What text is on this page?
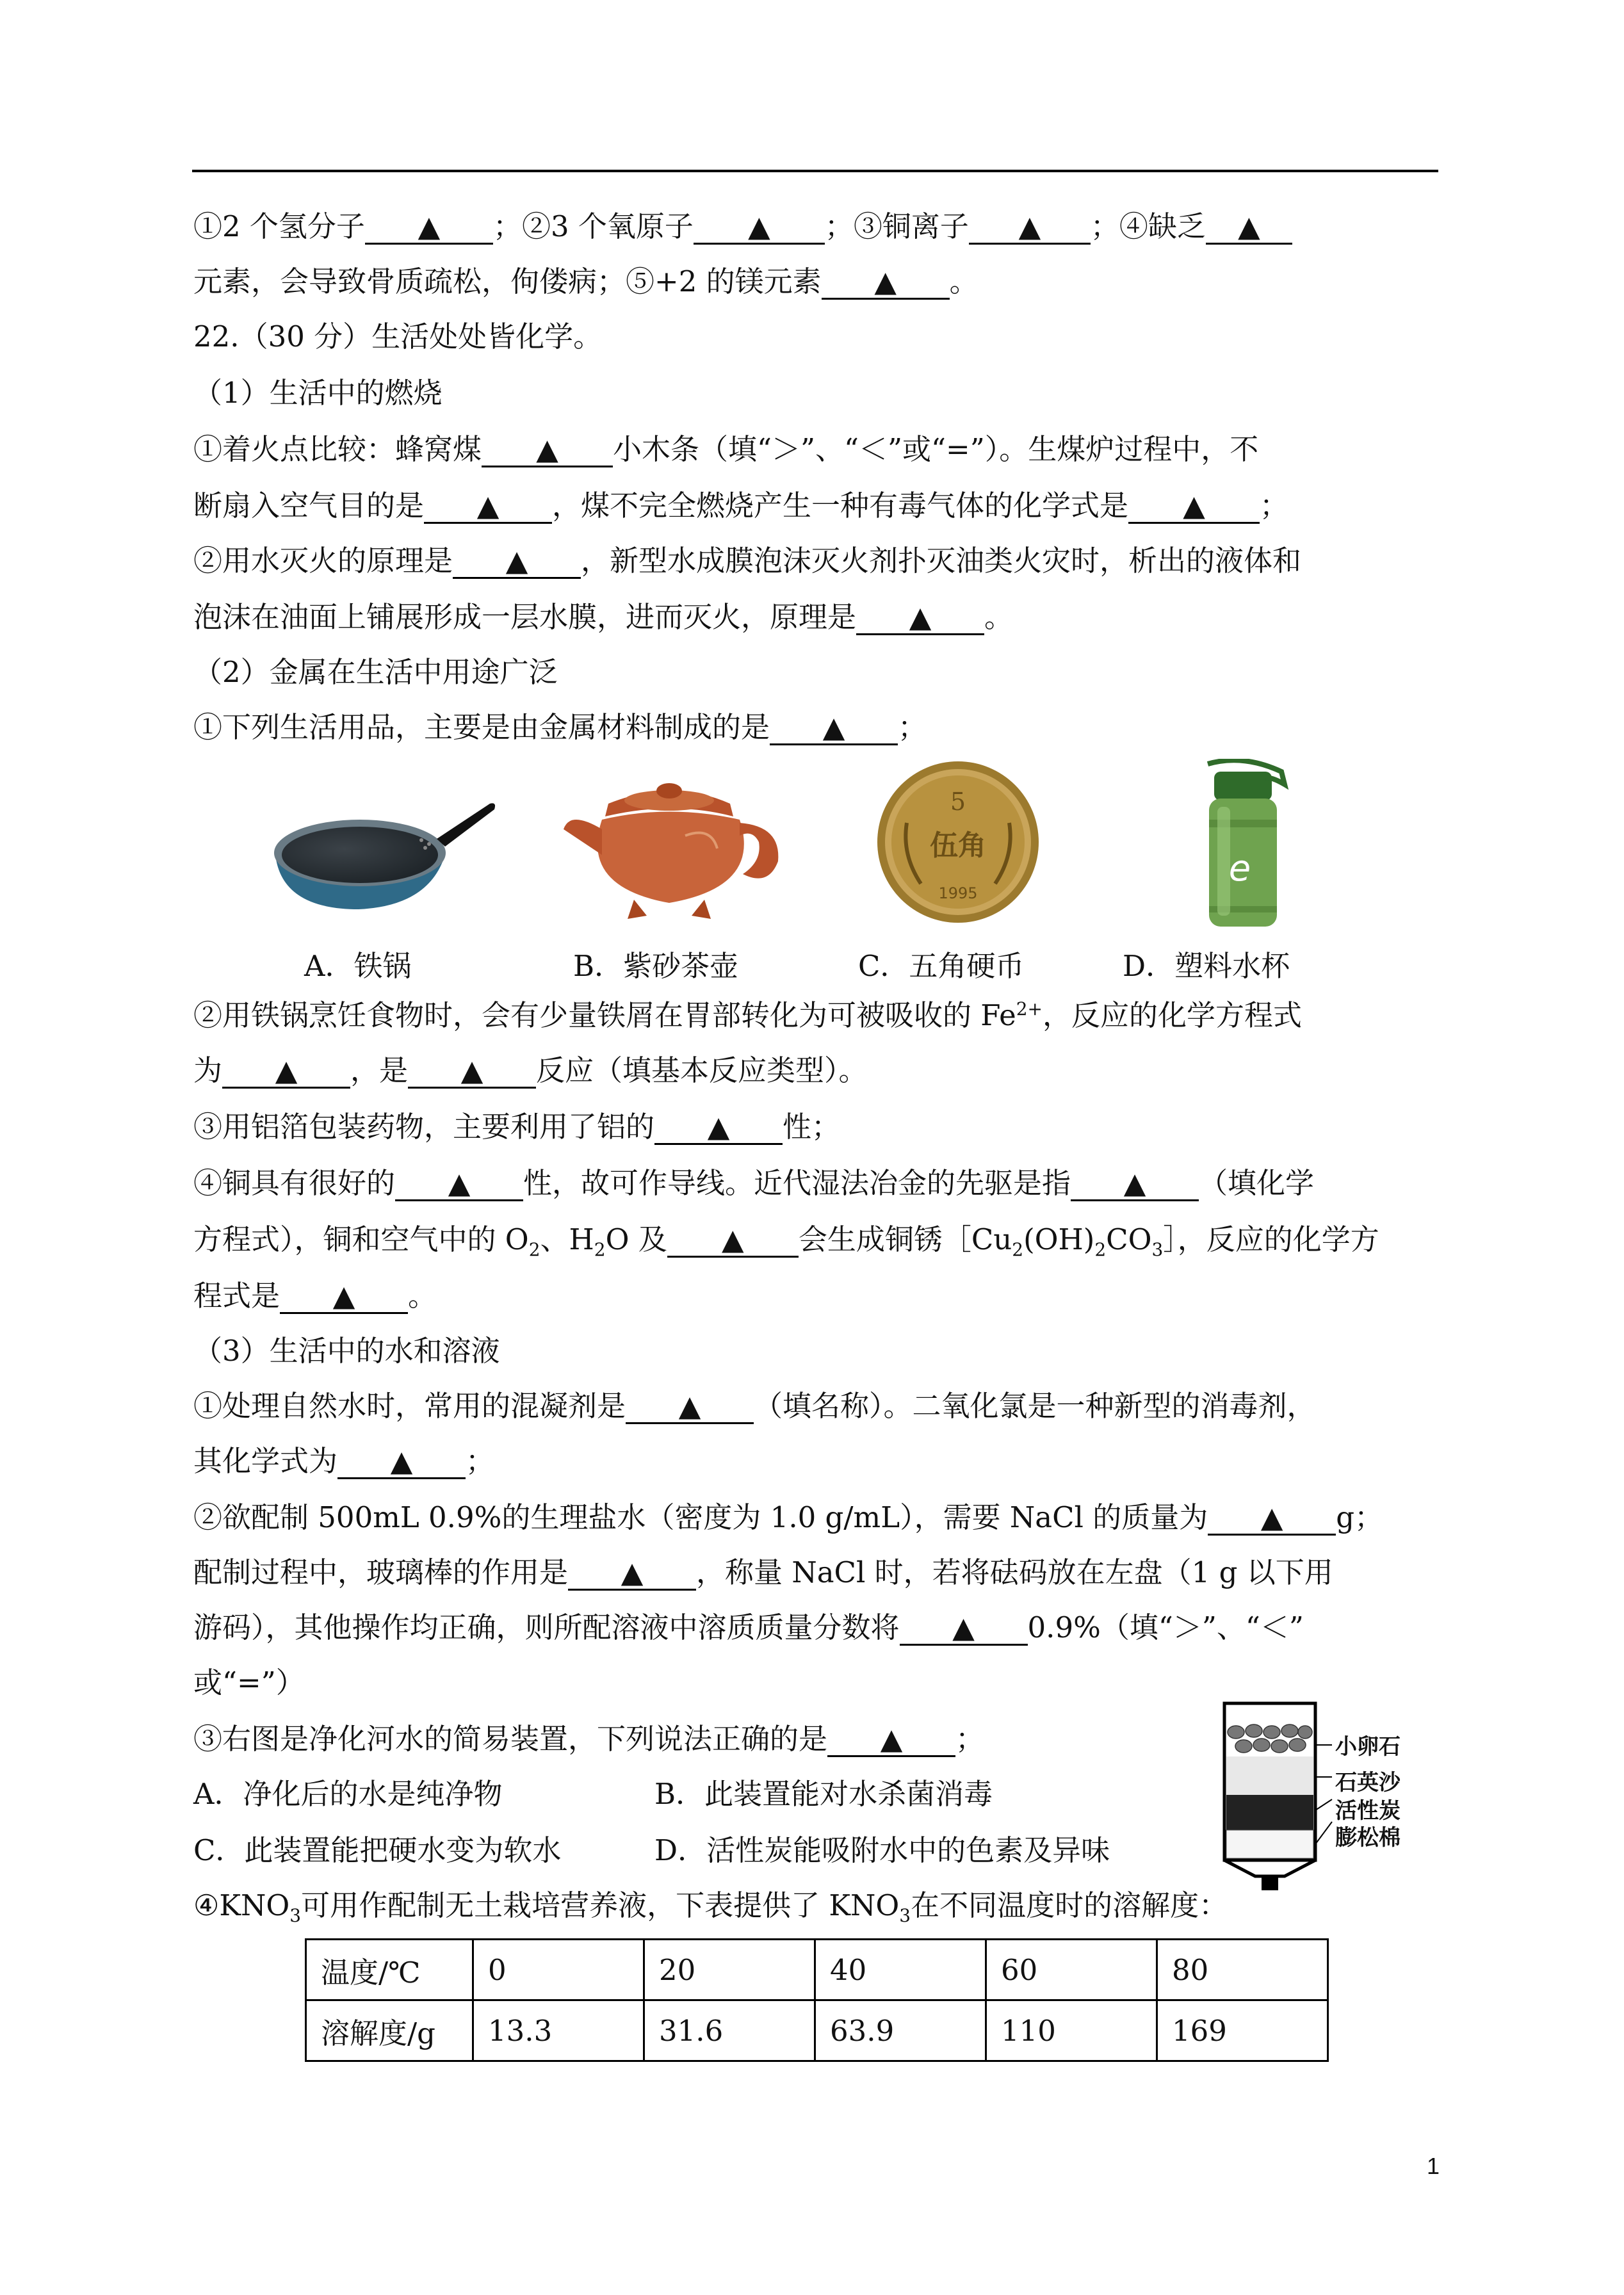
①2 个氢分子 ▲ ；②3 个氧原子 ▲ ；③铜离子 ▲ ；④缺乏 ▲
元素，会导致骨质疏松，佝偻病；⑤+2 的镁元素 ▲ 。
22.（30 分）生活处处皆化学。
（1）生活中的燃烧
①着火点比较：蜂窝煤 ▲ 小木条（填“＞”、“＜”或“=”）。生煤炉过程中，不
断扇入空气目的是 ▲ ，煤不完全燃烧产生一种有毒气体的化学式是 ▲ ；
②用水灭火的原理是 ▲ ，新型水成膜泡沫灭火剂扑灭油类火灾时，析出的液体和
泡沫在油面上铺展形成一层水膜，进而灭火，原理是 ▲ 。
（2）金属在生活中用途广泛
①下列生活用品，主要是由金属材料制成的是 ▲ ；
5
伍角
1995
e
A．铁锅	B．紫砂茶壶	C．五角硬币	D．塑料水杯
②用铁锅烹饪食物时，会有少量铁屑在胃部转化为可被吸收的 $Fe^{2+}$，反应的化学方程式
为 ▲ ，是 ▲ 反应（填基本反应类型）。
③用铝箔包装药物，主要利用了铝的 ▲ 性；
④铜具有很好的 ▲ 性，故可作导线。近代湿法冶金的先驱是指 ▲ （填化学
方程式），铜和空气中的 $O_2$、$H_2O$ 及 ▲ 会生成铜锈$[Cu_2(OH)_2CO_3]$，反应的化学方
程式是 ▲ 。
（3）生活中的水和溶液
①处理自然水时，常用的混凝剂是 ▲ （填名称）。二氧化氯是一种新型的消毒剂，
其化学式为 ▲ ；
②欲配制 500mL 0.9%的生理盐水（密度为 1.0 g/mL），需要 NaCl 的质量为 ▲ g；
配制过程中，玻璃棒的作用是 ▲ ，称量 NaCl 时，若将砝码放在左盘（1 g 以下用
游码），其他操作均正确，则所配溶液中溶质质量分数将 ▲ 0.9%（填“＞”、“＜”
或“=”）
③右图是净化河水的简易装置，下列说法正确的是 ▲ ；
A．净化后的水是纯净物	B．此装置能对水杀菌消毒
C．此装置能把硬水变为软水	D．活性炭能吸附水中的色素及异味
小卵石
石英沙
活性炭
膨松棉
$④KNO_3$可用作配制无土栽培营养液，下表提供了 $KNO_3$在不同温度时的溶解度：
温度/℃	0	20	40	60	80
溶解度/g	13.3	31.6	63.9	110	169
1
